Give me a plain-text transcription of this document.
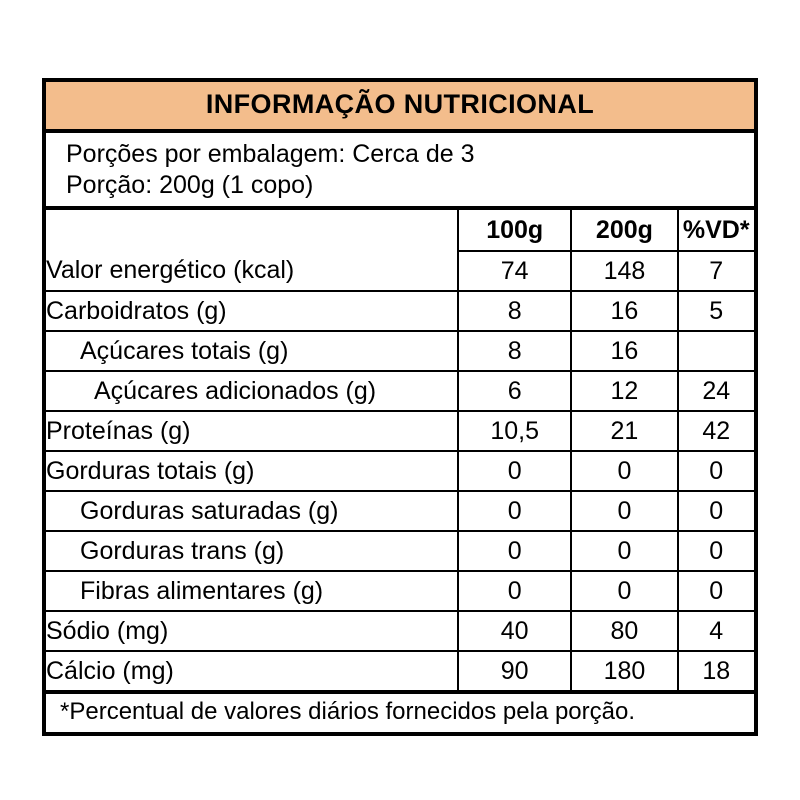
INFORMAÇÃO NUTRICIONAL
Porções por embalagem: Cerca de 3
Porção: 200g (1 copo)
	100g	200g	%VD*
Valor energético (kcal)	74	148	7
Carboidratos (g)	8	16	5
Açúcares totais (g)	8	16	
Açúcares adicionados (g)	6	12	24
Proteínas (g)	10,5	21	42
Gorduras totais (g)	0	0	0
Gorduras saturadas (g)	0	0	0
Gorduras trans (g)	0	0	0
Fibras alimentares (g)	0	0	0
Sódio (mg)	40	80	4
Cálcio (mg)	90	180	18
*Percentual de valores diários fornecidos pela porção.
